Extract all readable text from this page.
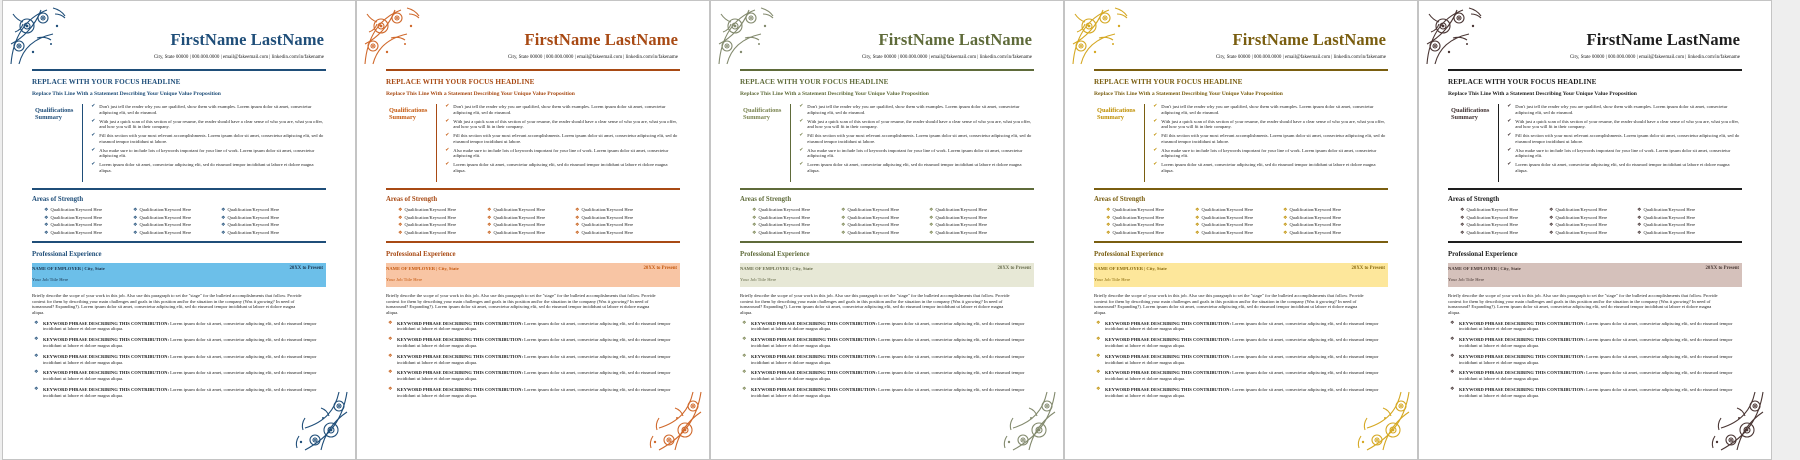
FirstName LastName
City, State 00000 | 000.000.0000 | email@fakeemail.com | linkedin.com/in/fakename
REPLACE WITH YOUR FOCUS HEADLINE
Replace This Line With a Statement Describing Your Unique Value Proposition
Qualifications Summary
✔ Don't just tell the reader why you are qualified, show them with examples. Lorem ipsum dolor sit amet, consectetur adipiscing elit, sed do eiusmod.
✔ With just a quick scan of this section of your resume, the reader should have a clear sense of who you are, what you offer, and how you will fit in their company.
✔ Fill this section with your most relevant accomplishments. Lorem ipsum dolor sit amet, consectetur adipiscing elit, sed do eiusmod tempor incididunt ut labore.
✔ Also make sure to include lots of keywords important for your line of work. Lorem ipsum dolor sit amet, consectetur adipiscing elit.
✔ Lorem ipsum dolor sit amet, consectetur adipiscing elit, sed do eiusmod tempor incididunt ut labore et dolore magna aliqua.
Areas of Strength
❖ Qualification/Keyword Here	❖ Qualification/Keyword Here	❖ Qualification/Keyword Here
❖ Qualification/Keyword Here	❖ Qualification/Keyword Here	❖ Qualification/Keyword Here
❖ Qualification/Keyword Here	❖ Qualification/Keyword Here	❖ Qualification/Keyword Here
❖ Qualification/Keyword Here	❖ Qualification/Keyword Here	❖ Qualification/Keyword Here
Professional Experience
NAME OF EMPLOYER | City, State	20XX to Present
Your Job Title Here
Briefly describe the scope of your work in this job. Also use this paragraph to set the "stage" for the bulleted accomplishments that follow. Provide context for them by describing your main challenges and goals in this position and/or the situation in the company (Was it growing? In need of turnaround? Expanding?). Lorem ipsum dolor sit amet, consectetur adipiscing elit, sed do eiusmod tempor incididunt ut labore et dolore magna aliqua.
❖ KEYWORD PHRASE DESCRIBING THIS CONTRIBUTION: Lorem ipsum dolor sit amet, consectetur adipiscing elit, sed do eiusmod tempor incididunt ut labore et dolore magna aliqua.
❖ KEYWORD PHRASE DESCRIBING THIS CONTRIBUTION: Lorem ipsum dolor sit amet, consectetur adipiscing elit, sed do eiusmod tempor incididunt ut labore et dolore magna aliqua.
❖ KEYWORD PHRASE DESCRIBING THIS CONTRIBUTION: Lorem ipsum dolor sit amet, consectetur adipiscing elit, sed do eiusmod tempor incididunt ut labore et dolore magna aliqua.
❖ KEYWORD PHRASE DESCRIBING THIS CONTRIBUTION: Lorem ipsum dolor sit amet, consectetur adipiscing elit, sed do eiusmod tempor incididunt ut labore et dolore magna aliqua.
❖ KEYWORD PHRASE DESCRIBING THIS CONTRIBUTION: Lorem ipsum dolor sit amet, consectetur adipiscing elit, sed do eiusmod tempor incididunt ut labore et dolore magna aliqua.
FirstName LastName
City, State 00000 | 000.000.0000 | email@fakeemail.com | linkedin.com/in/fakename
REPLACE WITH YOUR FOCUS HEADLINE
Replace This Line With a Statement Describing Your Unique Value Proposition
Qualifications Summary
✔ Don't just tell the reader why you are qualified, show them with examples. Lorem ipsum dolor sit amet, consectetur adipiscing elit, sed do eiusmod.
✔ With just a quick scan of this section of your resume, the reader should have a clear sense of who you are, what you offer, and how you will fit in their company.
✔ Fill this section with your most relevant accomplishments. Lorem ipsum dolor sit amet, consectetur adipiscing elit, sed do eiusmod tempor incididunt ut labore.
✔ Also make sure to include lots of keywords important for your line of work. Lorem ipsum dolor sit amet, consectetur adipiscing elit.
✔ Lorem ipsum dolor sit amet, consectetur adipiscing elit, sed do eiusmod tempor incididunt ut labore et dolore magna aliqua.
Areas of Strength
❖ Qualification/Keyword Here	❖ Qualification/Keyword Here	❖ Qualification/Keyword Here
❖ Qualification/Keyword Here	❖ Qualification/Keyword Here	❖ Qualification/Keyword Here
❖ Qualification/Keyword Here	❖ Qualification/Keyword Here	❖ Qualification/Keyword Here
❖ Qualification/Keyword Here	❖ Qualification/Keyword Here	❖ Qualification/Keyword Here
Professional Experience
NAME OF EMPLOYER | City, State	20XX to Present
Your Job Title Here
Briefly describe the scope of your work in this job. Also use this paragraph to set the "stage" for the bulleted accomplishments that follow. Provide context for them by describing your main challenges and goals in this position and/or the situation in the company (Was it growing? In need of turnaround? Expanding?). Lorem ipsum dolor sit amet, consectetur adipiscing elit, sed do eiusmod tempor incididunt ut labore et dolore magna aliqua.
❖ KEYWORD PHRASE DESCRIBING THIS CONTRIBUTION: Lorem ipsum dolor sit amet, consectetur adipiscing elit, sed do eiusmod tempor incididunt ut labore et dolore magna aliqua.
❖ KEYWORD PHRASE DESCRIBING THIS CONTRIBUTION: Lorem ipsum dolor sit amet, consectetur adipiscing elit, sed do eiusmod tempor incididunt ut labore et dolore magna aliqua.
❖ KEYWORD PHRASE DESCRIBING THIS CONTRIBUTION: Lorem ipsum dolor sit amet, consectetur adipiscing elit, sed do eiusmod tempor incididunt ut labore et dolore magna aliqua.
❖ KEYWORD PHRASE DESCRIBING THIS CONTRIBUTION: Lorem ipsum dolor sit amet, consectetur adipiscing elit, sed do eiusmod tempor incididunt ut labore et dolore magna aliqua.
❖ KEYWORD PHRASE DESCRIBING THIS CONTRIBUTION: Lorem ipsum dolor sit amet, consectetur adipiscing elit, sed do eiusmod tempor incididunt ut labore et dolore magna aliqua.
FirstName LastName
City, State 00000 | 000.000.0000 | email@fakeemail.com | linkedin.com/in/fakename
REPLACE WITH YOUR FOCUS HEADLINE
Replace This Line With a Statement Describing Your Unique Value Proposition
Qualifications Summary
✔ Don't just tell the reader why you are qualified, show them with examples. Lorem ipsum dolor sit amet, consectetur adipiscing elit, sed do eiusmod.
✔ With just a quick scan of this section of your resume, the reader should have a clear sense of who you are, what you offer, and how you will fit in their company.
✔ Fill this section with your most relevant accomplishments. Lorem ipsum dolor sit amet, consectetur adipiscing elit, sed do eiusmod tempor incididunt ut labore.
✔ Also make sure to include lots of keywords important for your line of work. Lorem ipsum dolor sit amet, consectetur adipiscing elit.
✔ Lorem ipsum dolor sit amet, consectetur adipiscing elit, sed do eiusmod tempor incididunt ut labore et dolore magna aliqua.
Areas of Strength
❖ Qualification/Keyword Here	❖ Qualification/Keyword Here	❖ Qualification/Keyword Here
❖ Qualification/Keyword Here	❖ Qualification/Keyword Here	❖ Qualification/Keyword Here
❖ Qualification/Keyword Here	❖ Qualification/Keyword Here	❖ Qualification/Keyword Here
❖ Qualification/Keyword Here	❖ Qualification/Keyword Here	❖ Qualification/Keyword Here
Professional Experience
NAME OF EMPLOYER | City, State	20XX to Present
Your Job Title Here
Briefly describe the scope of your work in this job. Also use this paragraph to set the "stage" for the bulleted accomplishments that follow. Provide context for them by describing your main challenges and goals in this position and/or the situation in the company (Was it growing? In need of turnaround? Expanding?). Lorem ipsum dolor sit amet, consectetur adipiscing elit, sed do eiusmod tempor incididunt ut labore et dolore magna aliqua.
❖ KEYWORD PHRASE DESCRIBING THIS CONTRIBUTION: Lorem ipsum dolor sit amet, consectetur adipiscing elit, sed do eiusmod tempor incididunt ut labore et dolore magna aliqua.
❖ KEYWORD PHRASE DESCRIBING THIS CONTRIBUTION: Lorem ipsum dolor sit amet, consectetur adipiscing elit, sed do eiusmod tempor incididunt ut labore et dolore magna aliqua.
❖ KEYWORD PHRASE DESCRIBING THIS CONTRIBUTION: Lorem ipsum dolor sit amet, consectetur adipiscing elit, sed do eiusmod tempor incididunt ut labore et dolore magna aliqua.
❖ KEYWORD PHRASE DESCRIBING THIS CONTRIBUTION: Lorem ipsum dolor sit amet, consectetur adipiscing elit, sed do eiusmod tempor incididunt ut labore et dolore magna aliqua.
❖ KEYWORD PHRASE DESCRIBING THIS CONTRIBUTION: Lorem ipsum dolor sit amet, consectetur adipiscing elit, sed do eiusmod tempor incididunt ut labore et dolore magna aliqua.
FirstName LastName
City, State 00000 | 000.000.0000 | email@fakeemail.com | linkedin.com/in/fakename
REPLACE WITH YOUR FOCUS HEADLINE
Replace This Line With a Statement Describing Your Unique Value Proposition
Qualifications Summary
✔ Don't just tell the reader why you are qualified, show them with examples. Lorem ipsum dolor sit amet, consectetur adipiscing elit, sed do eiusmod.
✔ With just a quick scan of this section of your resume, the reader should have a clear sense of who you are, what you offer, and how you will fit in their company.
✔ Fill this section with your most relevant accomplishments. Lorem ipsum dolor sit amet, consectetur adipiscing elit, sed do eiusmod tempor incididunt ut labore.
✔ Also make sure to include lots of keywords important for your line of work. Lorem ipsum dolor sit amet, consectetur adipiscing elit.
✔ Lorem ipsum dolor sit amet, consectetur adipiscing elit, sed do eiusmod tempor incididunt ut labore et dolore magna aliqua.
Areas of Strength
❖ Qualification/Keyword Here	❖ Qualification/Keyword Here	❖ Qualification/Keyword Here
❖ Qualification/Keyword Here	❖ Qualification/Keyword Here	❖ Qualification/Keyword Here
❖ Qualification/Keyword Here	❖ Qualification/Keyword Here	❖ Qualification/Keyword Here
❖ Qualification/Keyword Here	❖ Qualification/Keyword Here	❖ Qualification/Keyword Here
Professional Experience
NAME OF EMPLOYER | City, State	20XX to Present
Your Job Title Here
Briefly describe the scope of your work in this job. Also use this paragraph to set the "stage" for the bulleted accomplishments that follow. Provide context for them by describing your main challenges and goals in this position and/or the situation in the company (Was it growing? In need of turnaround? Expanding?). Lorem ipsum dolor sit amet, consectetur adipiscing elit, sed do eiusmod tempor incididunt ut labore et dolore magna aliqua.
❖ KEYWORD PHRASE DESCRIBING THIS CONTRIBUTION: Lorem ipsum dolor sit amet, consectetur adipiscing elit, sed do eiusmod tempor incididunt ut labore et dolore magna aliqua.
❖ KEYWORD PHRASE DESCRIBING THIS CONTRIBUTION: Lorem ipsum dolor sit amet, consectetur adipiscing elit, sed do eiusmod tempor incididunt ut labore et dolore magna aliqua.
❖ KEYWORD PHRASE DESCRIBING THIS CONTRIBUTION: Lorem ipsum dolor sit amet, consectetur adipiscing elit, sed do eiusmod tempor incididunt ut labore et dolore magna aliqua.
❖ KEYWORD PHRASE DESCRIBING THIS CONTRIBUTION: Lorem ipsum dolor sit amet, consectetur adipiscing elit, sed do eiusmod tempor incididunt ut labore et dolore magna aliqua.
❖ KEYWORD PHRASE DESCRIBING THIS CONTRIBUTION: Lorem ipsum dolor sit amet, consectetur adipiscing elit, sed do eiusmod tempor incididunt ut labore et dolore magna aliqua.
FirstName LastName
City, State 00000 | 000.000.0000 | email@fakeemail.com | linkedin.com/in/fakename
REPLACE WITH YOUR FOCUS HEADLINE
Replace This Line With a Statement Describing Your Unique Value Proposition
Qualifications Summary
✔ Don't just tell the reader why you are qualified, show them with examples. Lorem ipsum dolor sit amet, consectetur adipiscing elit, sed do eiusmod.
✔ With just a quick scan of this section of your resume, the reader should have a clear sense of who you are, what you offer, and how you will fit in their company.
✔ Fill this section with your most relevant accomplishments. Lorem ipsum dolor sit amet, consectetur adipiscing elit, sed do eiusmod tempor incididunt ut labore.
✔ Also make sure to include lots of keywords important for your line of work. Lorem ipsum dolor sit amet, consectetur adipiscing elit.
✔ Lorem ipsum dolor sit amet, consectetur adipiscing elit, sed do eiusmod tempor incididunt ut labore et dolore magna aliqua.
Areas of Strength
❖ Qualification/Keyword Here	❖ Qualification/Keyword Here	❖ Qualification/Keyword Here
❖ Qualification/Keyword Here	❖ Qualification/Keyword Here	❖ Qualification/Keyword Here
❖ Qualification/Keyword Here	❖ Qualification/Keyword Here	❖ Qualification/Keyword Here
❖ Qualification/Keyword Here	❖ Qualification/Keyword Here	❖ Qualification/Keyword Here
Professional Experience
NAME OF EMPLOYER | City, State	20XX to Present
Your Job Title Here
Briefly describe the scope of your work in this job. Also use this paragraph to set the "stage" for the bulleted accomplishments that follow. Provide context for them by describing your main challenges and goals in this position and/or the situation in the company (Was it growing? In need of turnaround? Expanding?). Lorem ipsum dolor sit amet, consectetur adipiscing elit, sed do eiusmod tempor incididunt ut labore et dolore magna aliqua.
❖ KEYWORD PHRASE DESCRIBING THIS CONTRIBUTION: Lorem ipsum dolor sit amet, consectetur adipiscing elit, sed do eiusmod tempor incididunt ut labore et dolore magna aliqua.
❖ KEYWORD PHRASE DESCRIBING THIS CONTRIBUTION: Lorem ipsum dolor sit amet, consectetur adipiscing elit, sed do eiusmod tempor incididunt ut labore et dolore magna aliqua.
❖ KEYWORD PHRASE DESCRIBING THIS CONTRIBUTION: Lorem ipsum dolor sit amet, consectetur adipiscing elit, sed do eiusmod tempor incididunt ut labore et dolore magna aliqua.
❖ KEYWORD PHRASE DESCRIBING THIS CONTRIBUTION: Lorem ipsum dolor sit amet, consectetur adipiscing elit, sed do eiusmod tempor incididunt ut labore et dolore magna aliqua.
❖ KEYWORD PHRASE DESCRIBING THIS CONTRIBUTION: Lorem ipsum dolor sit amet, consectetur adipiscing elit, sed do eiusmod tempor incididunt ut labore et dolore magna aliqua.
